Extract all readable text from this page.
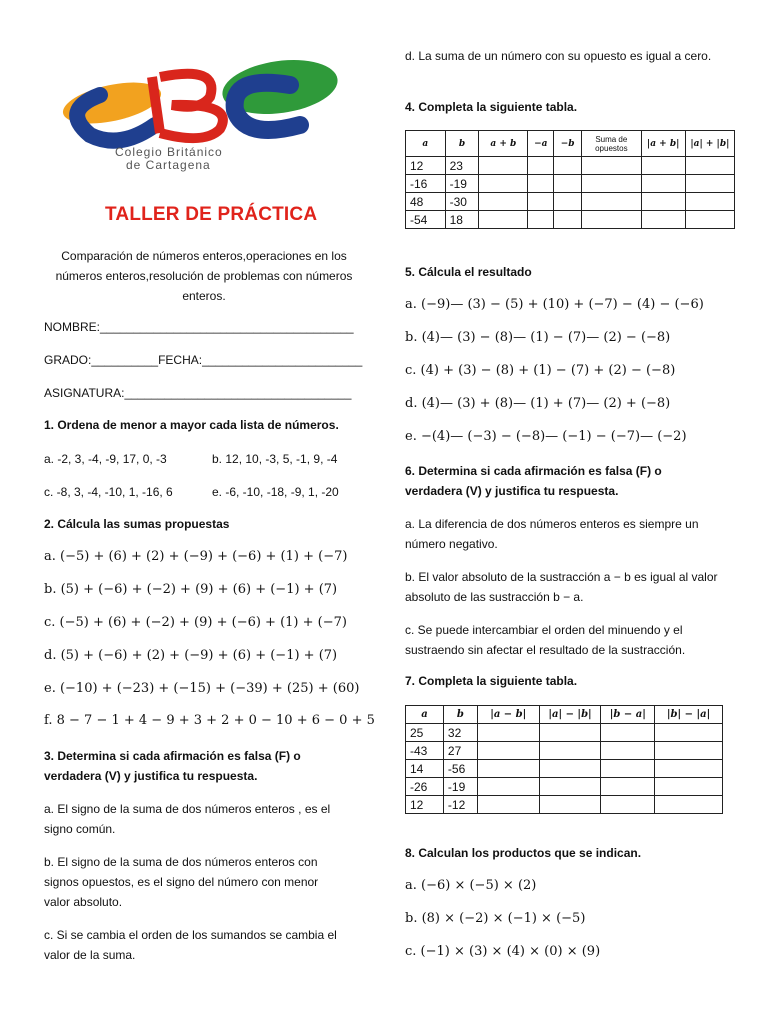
Colegio Británico
de Cartagena
TALLER DE PRÁCTICA
Comparación de números enteros,operaciones en los números enteros,resolución de problemas con números enteros.
NOMBRE:______________________________________
GRADO:__________FECHA:________________________
ASIGNATURA:__________________________________
1. Ordena de menor a mayor cada lista de números.
a. -2, 3, -4, -9, 17, 0, -3	b. 12, 10, -3, 5, -1, 9, -4
c. -8, 3, -4, -10, 1, -16, 6	e. -6, -10, -18, -9, 1, -20
2. Cálcula las sumas propuestas
a. (−5) + (6) + (2) + (−9) + (−6) + (1) + (−7)
b. (5) + (−6) + (−2) + (9) + (6) + (−1) + (7)
c. (−5) + (6) + (−2) + (9) + (−6) + (1) + (−7)
d. (5) + (−6) + (2) + (−9) + (6) + (−1) + (7)
e. (−10) + (−23) + (−15) + (−39) + (25) + (60)
f. 8 − 7 − 1 + 4 − 9 + 3 + 2 + 0 − 10 + 6 − 0 + 5
3. Determina si cada afirmación es falsa (F) o verdadera (V) y justifica tu respuesta.
a. El signo de la suma de dos números enteros , es el signo común.
b. El signo de la suma de dos números enteros con signos opuestos, es el signo del número con menor valor absoluto.
c. Si se cambia el orden de los sumandos se cambia el valor de la suma.
d. La suma de un número con su opuesto es igual a cero.
4. Completa la siguiente tabla.
a	b	a + b	−a	−b	Suma de opuestos	|a + b|	|a| + |b|
12	23						
-16	-19						
48	-30						
-54	18						
5. Cálcula el resultado
a. (−9)— (3) − (5) + (10) + (−7) − (4) − (−6)
b. (4)— (3) − (8)— (1) − (7)— (2) − (−8)
c. (4) + (3) − (8) + (1) − (7) + (2) − (−8)
d. (4)— (3) + (8)— (1) + (7)— (2) + (−8)
e. −(4)— (−3) − (−8)— (−1) − (−7)— (−2)
6. Determina si cada afirmación es falsa (F) o verdadera (V) y justifica tu respuesta.
a. La diferencia de dos números enteros es siempre un número negativo.
b. El valor absoluto de la sustracción a − b es igual al valor absoluto de las sustracción b − a.
c. Se puede intercambiar el orden del minuendo y el sustraendo sin afectar el resultado de la sustracción.
7. Completa la siguiente tabla.
a	b	|a − b|	|a| − |b|	|b − a|	|b| − |a|
25	32				
-43	27				
14	-56				
-26	-19				
12	-12				
8. Calculan los productos que se indican.
a. (−6) × (−5) × (2)
b. (8) × (−2) × (−1) × (−5)
c. (−1) × (3) × (4) × (0) × (9)
